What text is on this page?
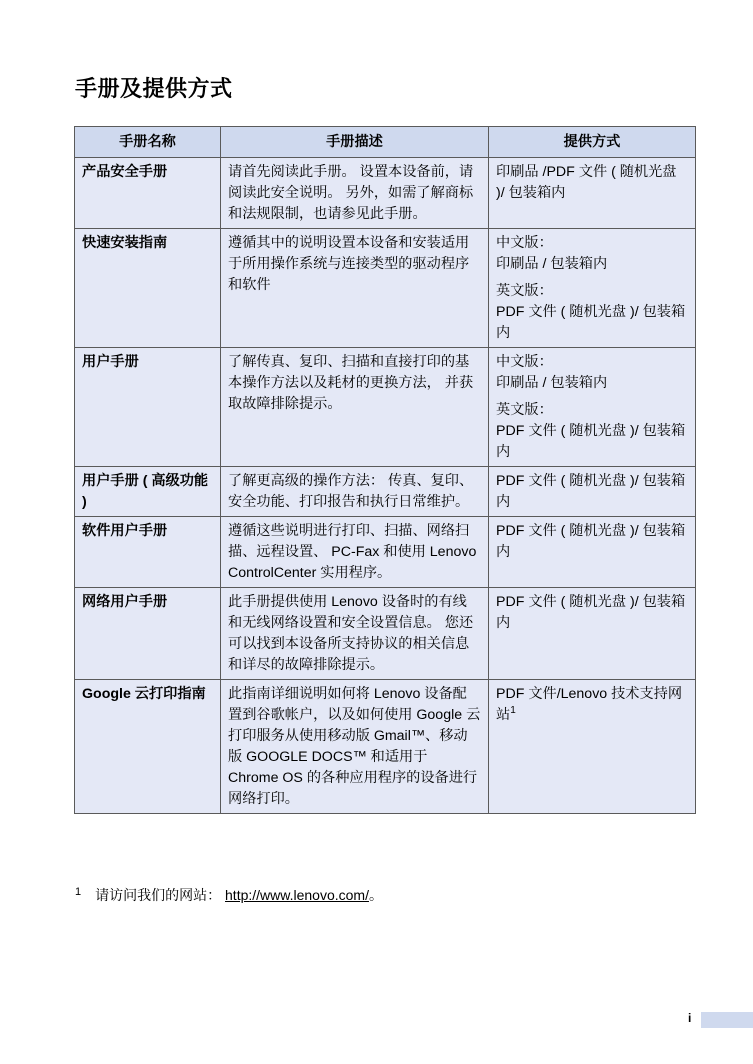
手册及提供方式
手册名称	手册描述	提供方式
产品安全手册	请首先阅读此手册。 设置本设备前，请阅读此安全说明。 另外，如需了解商标和法规限制，也请参见此手册。	印刷品 /PDF 文件 ( 随机光盘 )/ 包装箱内

快速安装指南	遵循其中的说明设置本设备和安装适用于所用操作系统与连接类型的驱动程序和软件	中文版：
印刷品 / 包装箱内
英文版：
PDF 文件 ( 随机光盘 )/ 包装箱内

用户手册	了解传真、复印、扫描和直接打印的基本操作方法以及耗材的更换方法， 并获取故障排除提示。	中文版：
印刷品 / 包装箱内
英文版：
PDF 文件 ( 随机光盘 )/ 包装箱内

用户手册 ( 高级功能 )	了解更高级的操作方法： 传真、复印、安全功能、打印报告和执行日常维护。	PDF 文件 ( 随机光盘 )/ 包装箱内

软件用户手册	遵循这些说明进行打印、扫描、网络扫描、远程设置、 PC-Fax 和使用 Lenovo ControlCenter 实用程序。	PDF 文件 ( 随机光盘 )/ 包装箱内

网络用户手册	此手册提供使用 Lenovo 设备时的有线和无线网络设置和安全设置信息。 您还可以找到本设备所支持协议的相关信息和详尽的故障排除提示。	PDF 文件 ( 随机光盘 )/ 包装箱内

Google 云打印指南	此指南详细说明如何将 Lenovo 设备配置到谷歌帐户，以及如何使用 Google 云打印服务从使用移动版 Gmail™、移动版 GOOGLE DOCS™ 和适用于 Chrome OS 的各种应用程序的设备进行网络打印。	PDF 文件/Lenovo 技术支持网站$^1$
$^1$ 请访问我们的网站： http://www.lenovo.com/。
i
